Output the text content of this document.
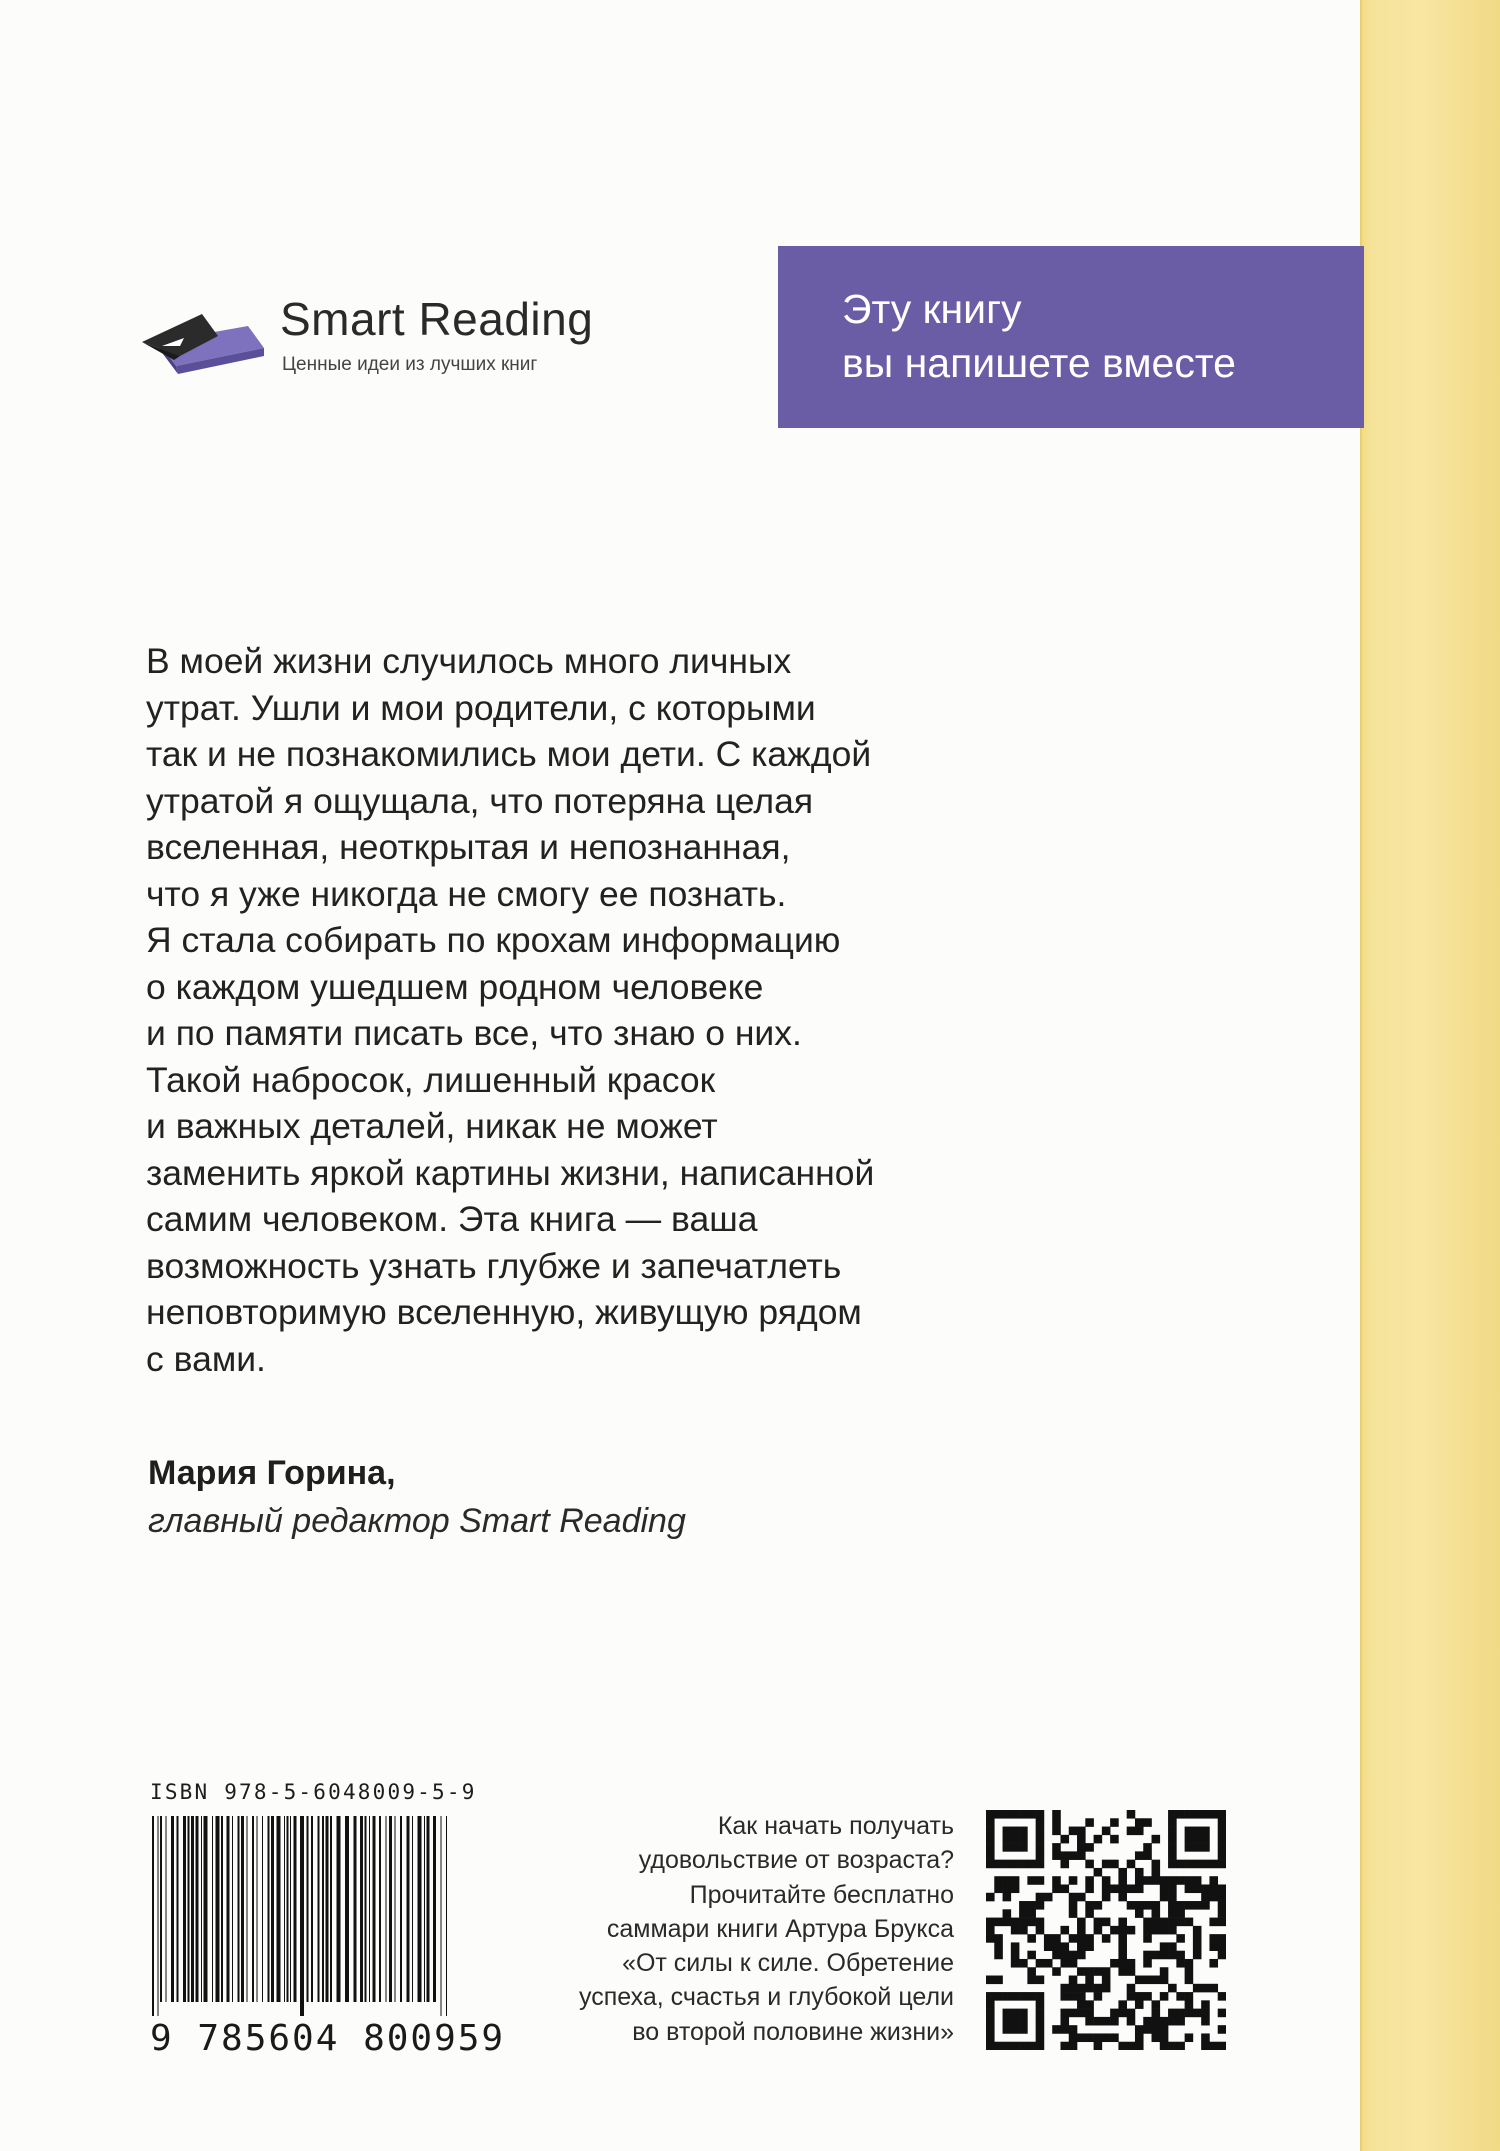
Smart Reading
Ценные идеи из лучших книг
Эту книгу
вы напишете вместе
В моей жизни случилось много личных
утрат. Ушли и мои родители, с которыми
так и не познакомились мои дети. С каждой
утратой я ощущала, что потеряна целая
вселенная, неоткрытая и непознанная,
что я уже никогда не смогу ее познать.
Я стала собирать по крохам информацию
о каждом ушедшем родном человеке
и по памяти писать все, что знаю о них.
Такой набросок, лишенный красок
и важных деталей, никак не может
заменить яркой картины жизни, написанной
самим человеком. Эта книга — ваша
возможность узнать глубже и запечатлеть
неповторимую вселенную, живущую рядом
с вами.
Мария Горина,
главный редактор Smart Reading
ISBN 978-5-6048009-5-9
9 785604 800959
Как начать получать
удовольствие от возраста?
Прочитайте бесплатно
саммари книги Артура Брукса
«От силы к силе. Обретение
успеха, счастья и глубокой цели
во второй половине жизни»
